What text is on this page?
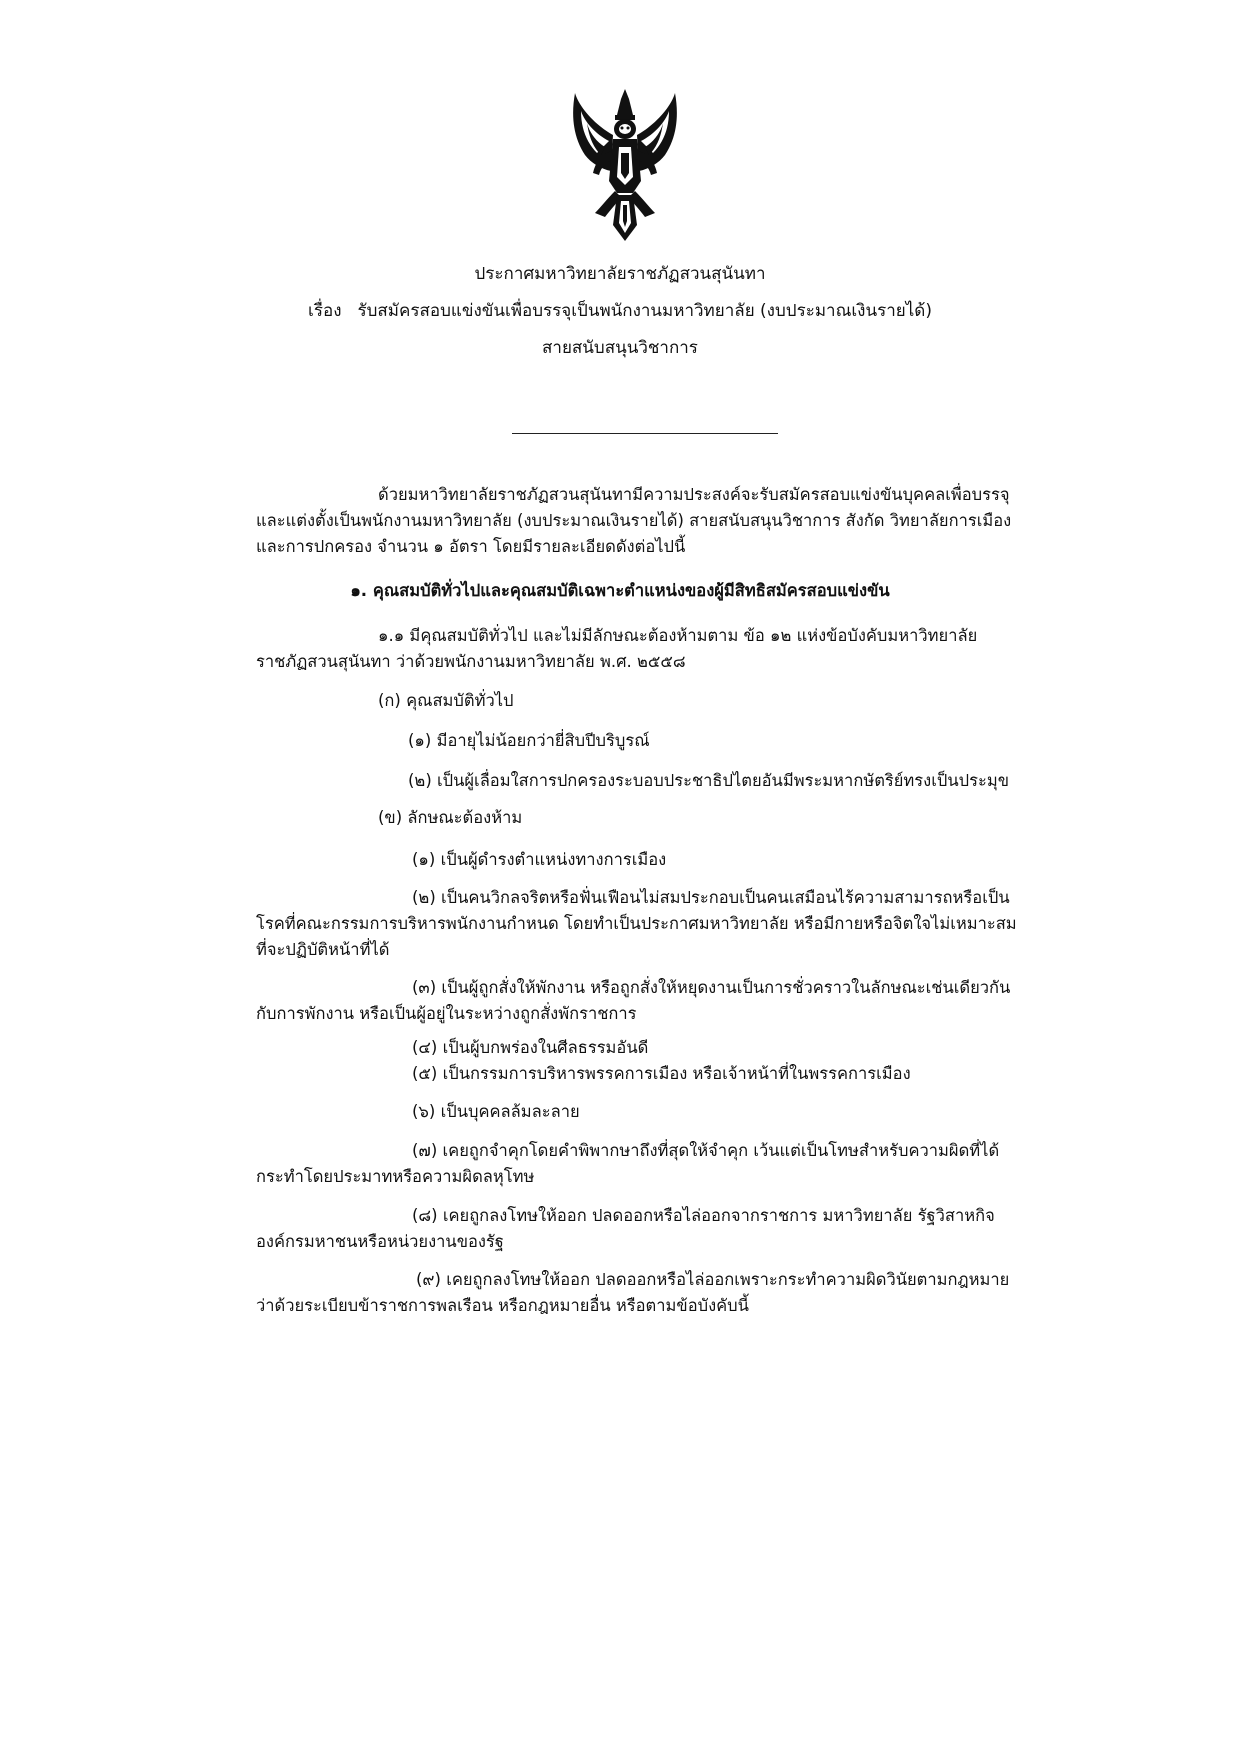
ประกาศมหาวิทยาลัยราชภัฏสวนสุนันทา
เรื่อง รับสมัครสอบแข่งขันเพื่อบรรจุเป็นพนักงานมหาวิทยาลัย (งบประมาณเงินรายได้)
สายสนับสนุนวิชาการ
ด้วยมหาวิทยาลัยราชภัฏสวนสุนันทามีความประสงค์จะรับสมัครสอบแข่งขันบุคคลเพื่อบรรจุ
และแต่งตั้งเป็นพนักงานมหาวิทยาลัย (งบประมาณเงินรายได้) สายสนับสนุนวิชาการ สังกัด วิทยาลัยการเมือง
และการปกครอง จำนวน ๑ อัตรา โดยมีรายละเอียดดังต่อไปนี้
๑. คุณสมบัติทั่วไปและคุณสมบัติเฉพาะตำแหน่งของผู้มีสิทธิสมัครสอบแข่งขัน
๑.๑ มีคุณสมบัติทั่วไป และไม่มีลักษณะต้องห้ามตาม ข้อ ๑๒ แห่งข้อบังคับมหาวิทยาลัย
ราชภัฏสวนสุนันทา ว่าด้วยพนักงานมหาวิทยาลัย พ.ศ. ๒๕๕๘
(ก) คุณสมบัติทั่วไป
(๑) มีอายุไม่น้อยกว่ายี่สิบปีบริบูรณ์
(๒) เป็นผู้เลื่อมใสการปกครองระบอบประชาธิปไตยอันมีพระมหากษัตริย์ทรงเป็นประมุข
(ข) ลักษณะต้องห้าม
(๑) เป็นผู้ดำรงตำแหน่งทางการเมือง
(๒) เป็นคนวิกลจริตหรือฟั่นเฟือนไม่สมประกอบเป็นคนเสมือนไร้ความสามารถหรือเป็น
โรคที่คณะกรรมการบริหารพนักงานกำหนด โดยทำเป็นประกาศมหาวิทยาลัย หรือมีกายหรือจิตใจไม่เหมาะสม
ที่จะปฏิบัติหน้าที่ได้
(๓) เป็นผู้ถูกสั่งให้พักงาน หรือถูกสั่งให้หยุดงานเป็นการชั่วคราวในลักษณะเช่นเดียวกัน
กับการพักงาน หรือเป็นผู้อยู่ในระหว่างถูกสั่งพักราชการ
(๔) เป็นผู้บกพร่องในศีลธรรมอันดี
(๕) เป็นกรรมการบริหารพรรคการเมือง หรือเจ้าหน้าที่ในพรรคการเมือง
(๖) เป็นบุคคลล้มละลาย
(๗) เคยถูกจำคุกโดยคำพิพากษาถึงที่สุดให้จำคุก เว้นแต่เป็นโทษสำหรับความผิดที่ได้
กระทำโดยประมาทหรือความผิดลหุโทษ
(๘) เคยถูกลงโทษให้ออก ปลดออกหรือไล่ออกจากราชการ มหาวิทยาลัย รัฐวิสาหกิจ
องค์กรมหาชนหรือหน่วยงานของรัฐ
(๙) เคยถูกลงโทษให้ออก ปลดออกหรือไล่ออกเพราะกระทำความผิดวินัยตามกฎหมาย
ว่าด้วยระเบียบข้าราชการพลเรือน หรือกฎหมายอื่น หรือตามข้อบังคับนี้
